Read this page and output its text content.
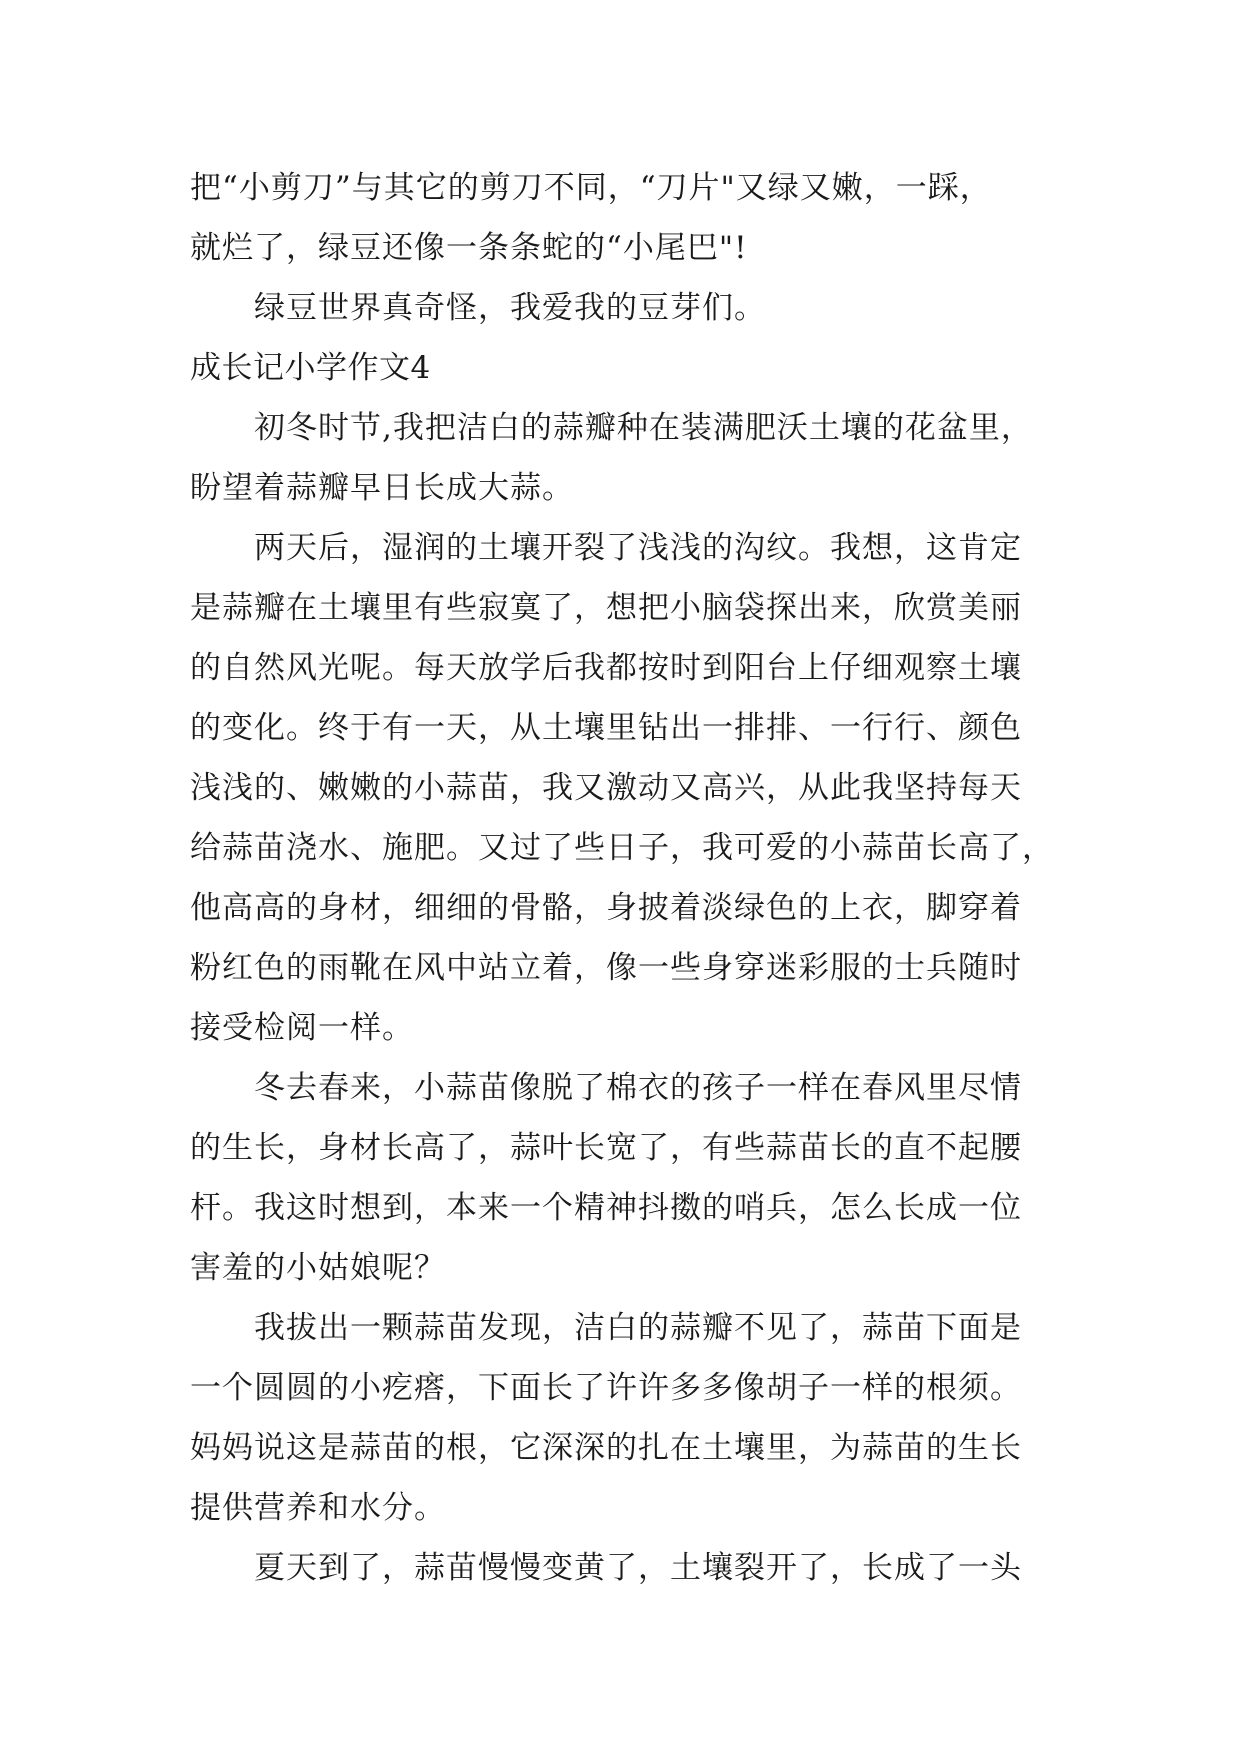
把“小剪刀”与其它的剪刀不同，“刀片"又绿又嫩，一踩，
就烂了，绿豆还像一条条蛇的“小尾巴"!
绿豆世界真奇怪，我爱我的豆芽们。
成长记小学作文4
初冬时节,我把洁白的蒜瓣种在装满肥沃土壤的花盆里，
盼望着蒜瓣早日长成大蒜。
两天后，湿润的土壤开裂了浅浅的沟纹。我想，这肯定
是蒜瓣在土壤里有些寂寞了，想把小脑袋探出来，欣赏美丽
的自然风光呢。每天放学后我都按时到阳台上仔细观察土壤
的变化。终于有一天，从土壤里钻出一排排、一行行、颜色
浅浅的、嫩嫩的小蒜苗，我又激动又高兴，从此我坚持每天
给蒜苗浇水、施肥。又过了些日子，我可爱的小蒜苗长高了，
他高高的身材，细细的骨骼，身披着淡绿色的上衣，脚穿着
粉红色的雨靴在风中站立着，像一些身穿迷彩服的士兵随时
接受检阅一样。
冬去春来，小蒜苗像脱了棉衣的孩子一样在春风里尽情
的生长，身材长高了，蒜叶长宽了，有些蒜苗长的直不起腰
杆。我这时想到，本来一个精神抖擞的哨兵，怎么长成一位
害羞的小姑娘呢？
我拔出一颗蒜苗发现，洁白的蒜瓣不见了，蒜苗下面是
一个圆圆的小疙瘩，下面长了许许多多像胡子一样的根须。
妈妈说这是蒜苗的根，它深深的扎在土壤里，为蒜苗的生长
提供营养和水分。
夏天到了，蒜苗慢慢变黄了，土壤裂开了，长成了一头
